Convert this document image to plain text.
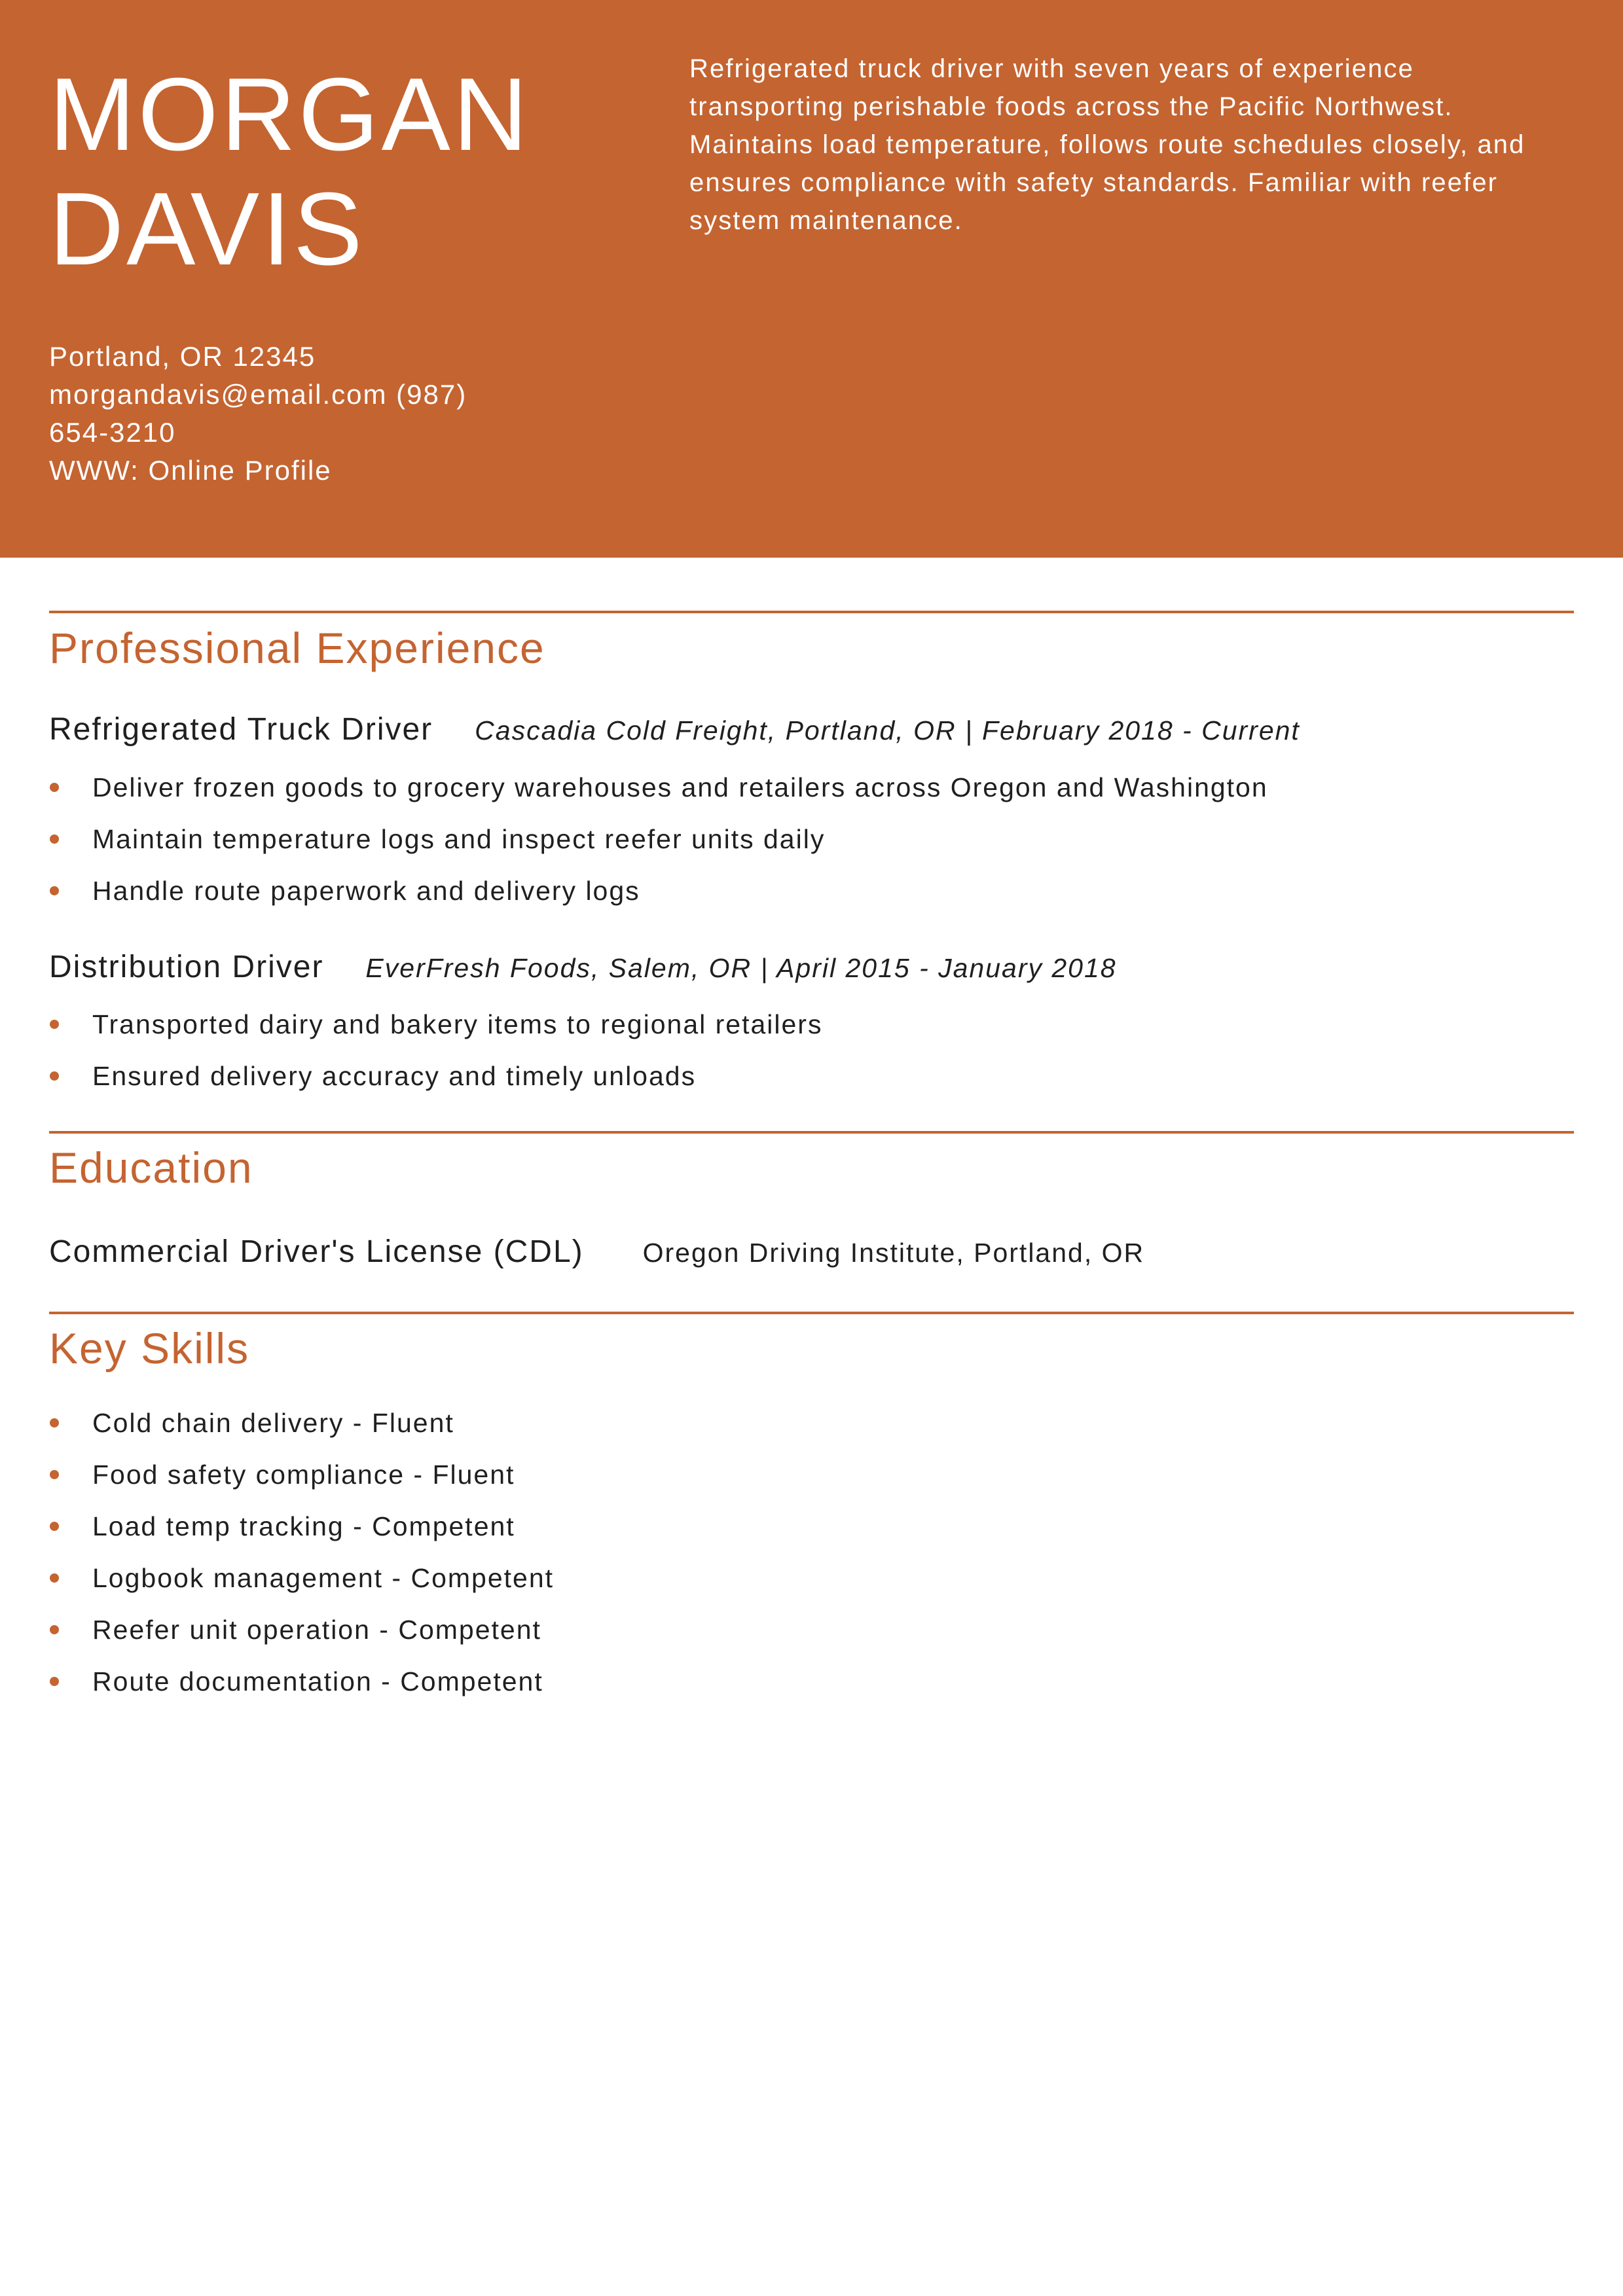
MORGAN
DAVIS
Portland, OR 12345
morgandavis@email.com (987)
654-3210
WWW: Online Profile

Refrigerated truck driver with seven years of experience transporting perishable foods across the Pacific Northwest. Maintains load temperature, follows route schedules closely, and ensures compliance with safety standards. Familiar with reefer system maintenance.

Professional Experience
Refrigerated Truck Driver Cascadia Cold Freight, Portland, OR | February 2018 - Current
Deliver frozen goods to grocery warehouses and retailers across Oregon and Washington
Maintain temperature logs and inspect reefer units daily
Handle route paperwork and delivery logs
Distribution Driver EverFresh Foods, Salem, OR | April 2015 - January 2018
Transported dairy and bakery items to regional retailers
Ensured delivery accuracy and timely unloads
Education
Commercial Driver's License (CDL) Oregon Driving Institute, Portland, OR
Key Skills
Cold chain delivery - Fluent
Food safety compliance - Fluent
Load temp tracking - Competent
Logbook management - Competent
Reefer unit operation - Competent
Route documentation - Competent
